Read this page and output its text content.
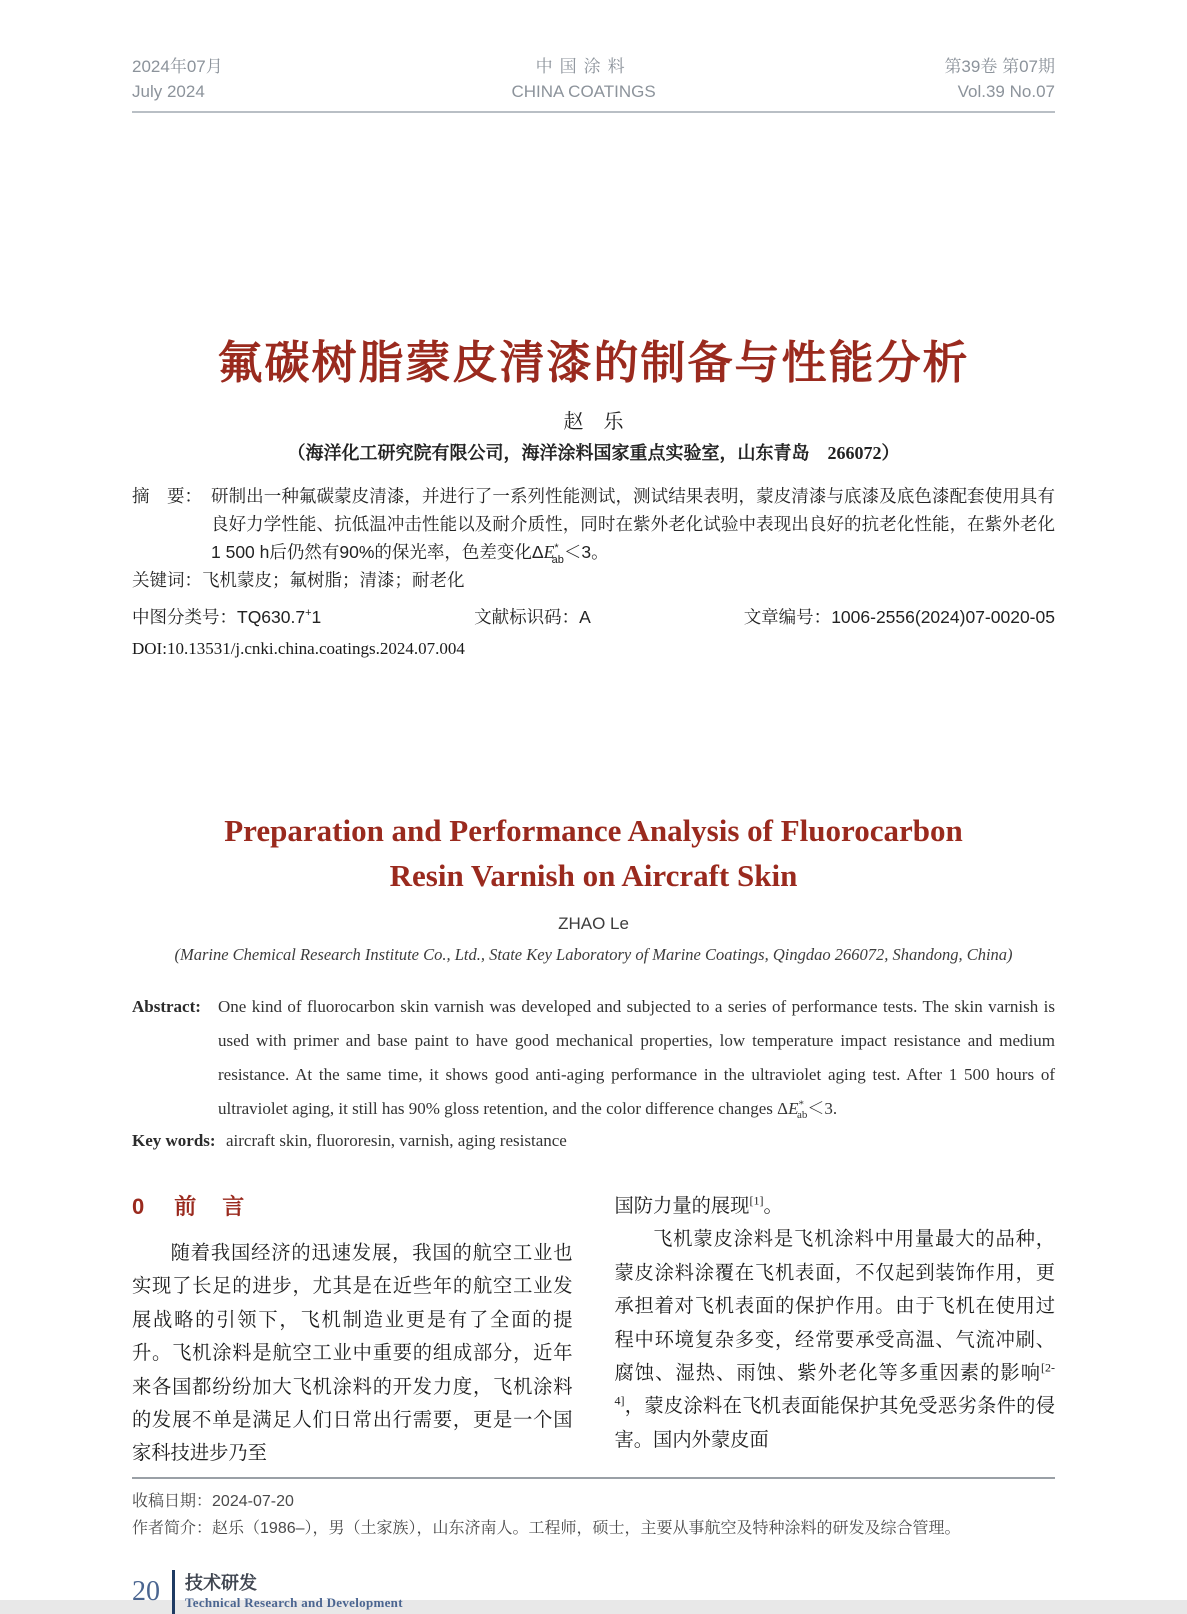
2024年07月
July 2024
中国涂料
CHINA COATINGS
第39卷 第07期
Vol.39 No.07
氟碳树脂蒙皮清漆的制备与性能分析
赵　乐
（海洋化工研究院有限公司，海洋涂料国家重点实验室，山东青岛　266072）
摘　要： 研制出一种氟碳蒙皮清漆，并进行了一系列性能测试，测试结果表明，蒙皮清漆与底漆及底色漆配套使用具有良好力学性能、抗低温冲击性能以及耐介质性，同时在紫外老化试验中表现出良好的抗老化性能，在紫外老化1 500 h后仍然有90%的保光率，色差变化$\Delta E^*_{ab}<3$。
关键词： 飞机蒙皮；氟树脂；清漆；耐老化
中图分类号：TQ630.7+1	文献标识码：A	文章编号：1006-2556(2024)07-0020-05
DOI:10.13531/j.cnki.china.coatings.2024.07.004
Preparation and Performance Analysis of Fluorocarbon
Resin Varnish on Aircraft Skin
ZHAO Le
(Marine Chemical Research Institute Co., Ltd., State Key Laboratory of Marine Coatings, Qingdao 266072, Shandong, China)
Abstract:	One kind of fluorocarbon skin varnish was developed and subjected to a series of performance tests. The skin varnish is used with primer and base paint to have good mechanical properties, low temperature impact resistance and medium resistance. At the same time, it shows good anti-aging performance in the ultraviolet aging test. After 1 500 hours of ultraviolet aging, it still has 90% gloss retention, and the color difference changes $\Delta E^*_{ab}<3$.
Key words: aircraft skin, fluororesin, varnish, aging resistance
0 前　言

随着我国经济的迅速发展，我国的航空工业也实现了长足的进步，尤其是在近些年的航空工业发展战略的引领下，飞机制造业更是有了全面的提升。飞机涂料是航空工业中重要的组成部分，近年来各国都纷纷加大飞机涂料的开发力度，飞机涂料的发展不单是满足人们日常出行需要，更是一个国家科技进步乃至

国防力量的展现[1]。

飞机蒙皮涂料是飞机涂料中用量最大的品种，蒙皮涂料涂覆在飞机表面，不仅起到装饰作用，更承担着对飞机表面的保护作用。由于飞机在使用过程中环境复杂多变，经常要承受高温、气流冲刷、腐蚀、湿热、雨蚀、紫外老化等多重因素的影响[2-4]，蒙皮涂料在飞机表面能保护其免受恶劣条件的侵害。国内外蒙皮面

收稿日期：2024-07-20
作者简介：赵乐（1986–），男（土家族），山东济南人。工程师，硕士，主要从事航空及特种涂料的研发及综合管理。
20 技术研发
Technical Research and Development
